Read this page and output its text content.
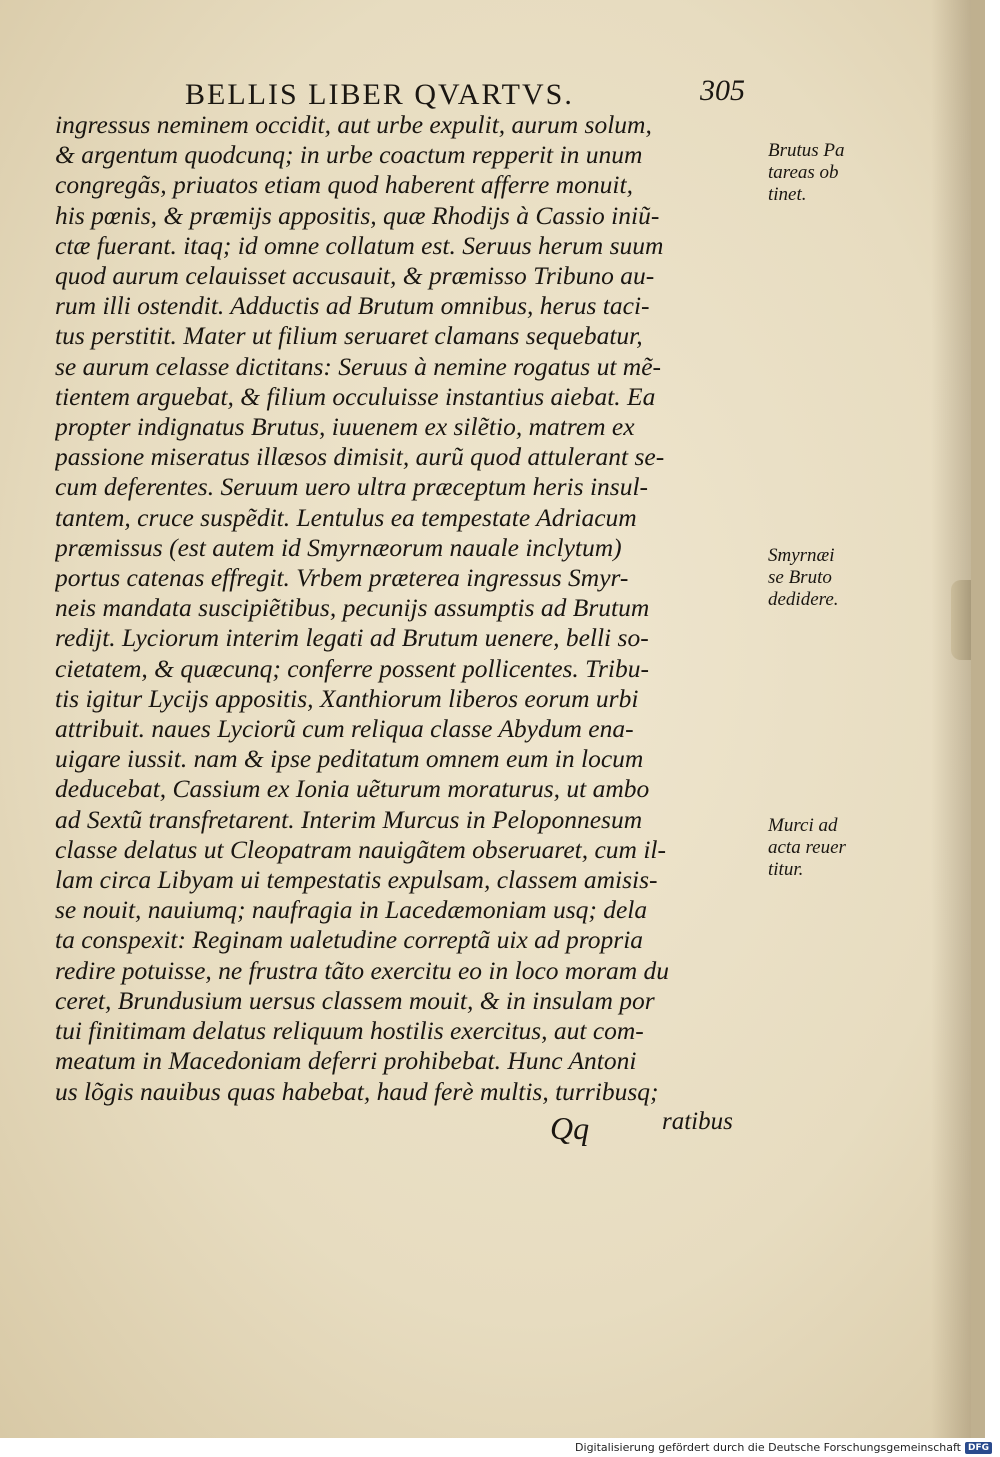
BELLIS LIBER QVARTVS.	305
ingressus neminem occidit, aut urbe expulit, aurum solum,
& argentum quodcunq; in urbe coactum repperit in unum
congregãs, priuatos etiam quod haberent afferre monuit,
his pœnis, & præmijs appositis, quæ Rhodijs à Cassio iniũ-
ctæ fuerant. itaq; id omne collatum est. Seruus herum suum
quod aurum celauisset accusauit, & præmisso Tribuno au-
rum illi ostendit. Adductis ad Brutum omnibus, herus taci-
tus perstitit. Mater ut filium seruaret clamans sequebatur,
se aurum celasse dictitans: Seruus à nemine rogatus ut mẽ-
tientem arguebat, & filium occuluisse instantius aiebat. Ea
propter indignatus Brutus, iuuenem ex silẽtio, matrem ex
passione miseratus illæsos dimisit, aurũ quod attulerant se-
cum deferentes. Seruum uero ultra præceptum heris insul-
tantem, cruce suspẽdit. Lentulus ea tempestate Adriacum
præmissus (est autem id Smyrnæorum nauale inclytum)
portus catenas effregit. Vrbem præterea ingressus Smyr-
neis mandata suscipiẽtibus, pecunijs assumptis ad Brutum
redijt. Lyciorum interim legati ad Brutum uenere, belli so-
cietatem, & quæcunq; conferre possent pollicentes. Tribu-
tis igitur Lycijs appositis, Xanthiorum liberos eorum urbi
attribuit. naues Lyciorũ cum reliqua classe Abydum ena-
uigare iussit. nam & ipse peditatum omnem eum in locum
deducebat, Cassium ex Ionia uẽturum moraturus, ut ambo
ad Sextũ transfretarent. Interim Murcus in Peloponnesum
classe delatus ut Cleopatram nauigãtem obseruaret, cum il-
lam circa Libyam ui tempestatis expulsam, classem amisis-
se nouit, nauiumq; naufragia in Lacedæmoniam usq; dela
ta conspexit: Reginam ualetudine correptã uix ad propria
redire potuisse, ne frustra tãto exercitu eo in loco moram du
ceret, Brundusium uersus classem mouit, & in insulam por
tui finitimam delatus reliquum hostilis exercitus, aut com-
meatum in Macedoniam deferri prohibebat. Hunc Antoni
us lõgis nauibus quas habebat, haud ferè multis, turribusq;
Brutus Pa
tareas ob
tinet.
Smyrnæi
se Bruto
dedidere.
Murci ad
acta reuer
titur.
Qq	ratibus
Digitalisierung gefördert durch die Deutsche Forschungsgemeinschaft DFG
